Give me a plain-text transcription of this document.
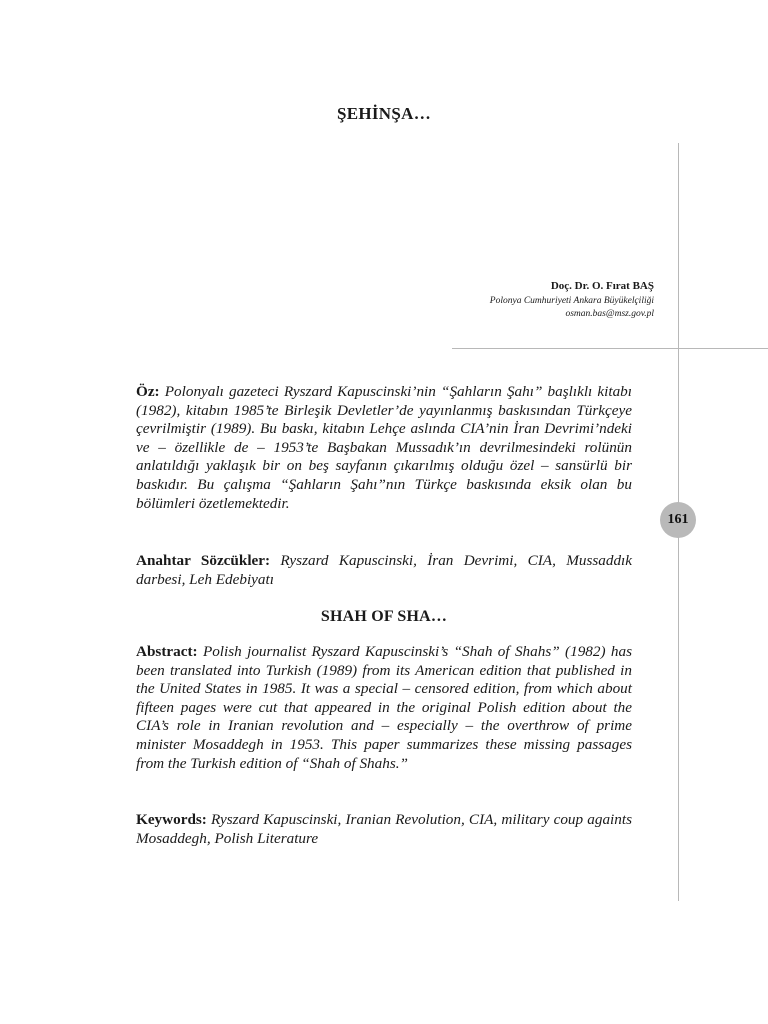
161
ŞEHİNŞA…
Doç. Dr. O. Fırat BAŞ
Polonya Cumhuriyeti Ankara Büyükelçiliği
osman.bas@msz.gov.pl
Öz: Polonyalı gazeteci Ryszard Kapuscinski’nin “Şahların Şahı” başlıklı kitabı (1982), kitabın 1985’te Birleşik Devletler’de yayınlanmış baskısından Türkçeye çevrilmiştir (1989). Bu baskı, kitabın Lehçe aslında CIA’nin İran Devrimi’ndeki ve – özellikle de – 1953’te Başbakan Mussadık’ın devrilmesindeki rolünün anlatıldığı yaklaşık bir on beş sayfanın çıkarılmış olduğu özel – sansürlü bir baskıdır. Bu çalışma “Şahların Şahı”nın Türkçe baskısında eksik olan bu bölümleri özetlemektedir.
Anahtar Sözcükler: Ryszard Kapuscinski, İran Devrimi, CIA, Mussaddık darbesi, Leh Edebiyatı
SHAH OF SHA…
Abstract: Polish journalist Ryszard Kapuscinski’s “Shah of Shahs” (1982) has been translated into Turkish (1989) from its American edition that published in the United States in 1985. It was a special – censored edition, from which about fifteen pages were cut that appeared in the original Polish edition about the CIA’s role in Iranian revolution and – especially – the overthrow of prime minister Mosaddegh in 1953. This paper summarizes these missing passages from the Turkish edition of “Shah of Shahs.”
Keywords: Ryszard Kapuscinski, Iranian Revolution, CIA, military coup againts Mosaddegh, Polish Literature
